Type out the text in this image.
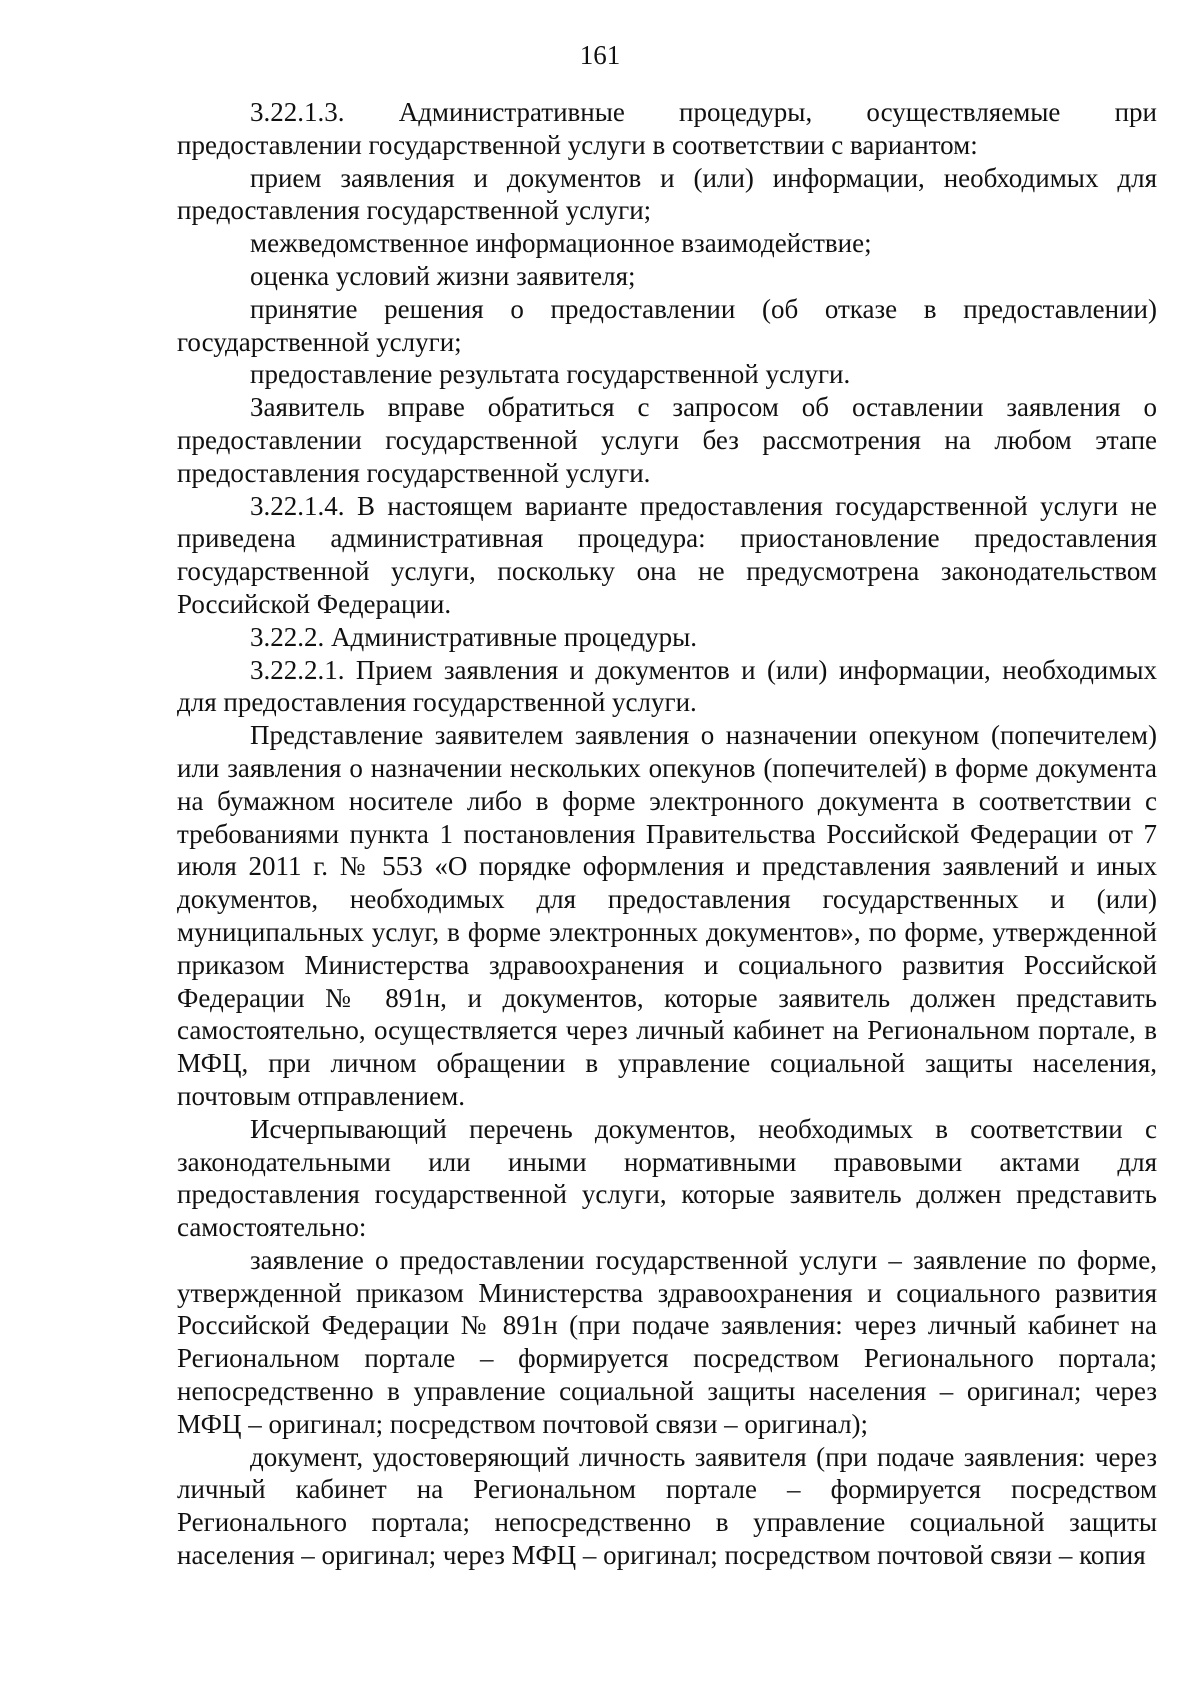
161

3.22.1.3. Административные процедуры, осуществляемые при предоставлении государственной услуги в соответствии с вариантом:

прием заявления и документов и (или) информации, необходимых для предоставления государственной услуги;

межведомственное информационное взаимодействие;

оценка условий жизни заявителя;

принятие решения о предоставлении (об отказе в предоставлении) государственной услуги;

предоставление результата государственной услуги.

Заявитель вправе обратиться с запросом об оставлении заявления о предоставлении государственной услуги без рассмотрения на любом этапе предоставления государственной услуги.

3.22.1.4. В настоящем варианте предоставления государственной услуги не приведена административная процедура: приостановление предоставления государственной услуги, поскольку она не предусмотрена законодательством Российской Федерации.

3.22.2. Административные процедуры.

3.22.2.1. Прием заявления и документов и (или) информации, необходимых для предоставления государственной услуги.

Представление заявителем заявления о назначении опекуном (попечителем) или заявления о назначении нескольких опекунов (попечителей) в форме документа на бумажном носителе либо в форме электронного документа в соответствии с требованиями пункта 1 постановления Правительства Российской Федерации от 7 июля 2011 г. № 553 «О порядке оформления и представления заявлений и иных документов, необходимых для предоставления государственных и (или) муниципальных услуг, в форме электронных документов», по форме, утвержденной приказом Министерства здравоохранения и социального развития Российской Федерации № 891н, и документов, которые заявитель должен представить самостоятельно, осуществляется через личный кабинет на Региональном портале, в МФЦ, при личном обращении в управление социальной защиты населения, почтовым отправлением.

Исчерпывающий перечень документов, необходимых в соответствии с законодательными или иными нормативными правовыми актами для предоставления государственной услуги, которые заявитель должен представить самостоятельно:

заявление о предоставлении государственной услуги – заявление по форме, утвержденной приказом Министерства здравоохранения и социального развития Российской Федерации № 891н (при подаче заявления: через личный кабинет на Региональном портале – формируется посредством Регионального портала; непосредственно в управление социальной защиты населения – оригинал; через МФЦ – оригинал; посредством почтовой связи – оригинал);

документ, удостоверяющий личность заявителя (при подаче заявления: через личный кабинет на Региональном портале – формируется посредством Регионального портала; непосредственно в управление социальной защиты населения – оригинал; через МФЦ – оригинал; посредством почтовой связи – копия
